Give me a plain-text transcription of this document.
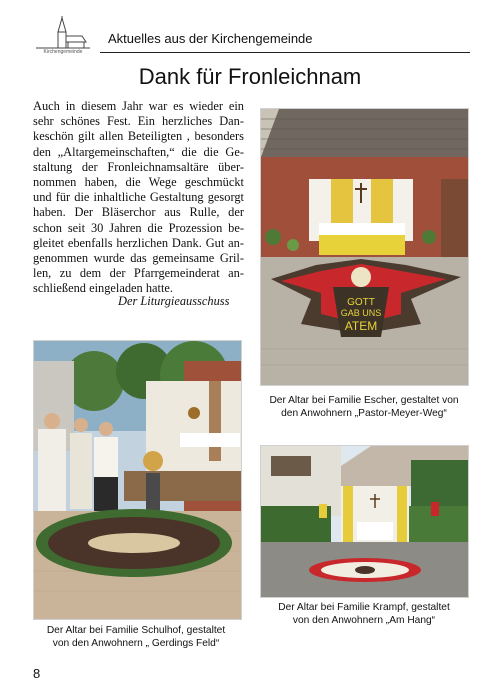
Kirchengemeinde
Aktuelles aus der Kirchengemeinde
Dank für Fronleichnam
Auch in diesem Jahr war es wieder ein
sehr schönes Fest. Ein herzliches Dan-
keschön gilt allen Beteiligten , besonders
den „Altargemeinschaften,“ die die Ge-
staltung der Fronleichnamsaltäre über-
nommen haben, die Wege geschmückt
und für die inhaltliche Gestaltung gesorgt
haben. Der Bläserchor aus Rulle, der
schon seit 30 Jahren die Prozession be-
gleitet ebenfalls herzlichen Dank. Gut an-
genommen wurde das gemeinsame Gril-
len, zu dem der Pfarrgemeinderat an-
schließend eingeladen hatte.
Der Liturgieausschuss	GOTT
GAB UNS
ATEM
Der Altar bei Familie Escher, gestaltet von
den Anwohnern „Pastor-Meyer-Weg“
Der Altar bei Familie Schulhof, gestaltet
von den Anwohnern „ Gerdings Feld“
Der Altar bei Familie Krampf, gestaltet
von den Anwohnern „Am Hang“
8
